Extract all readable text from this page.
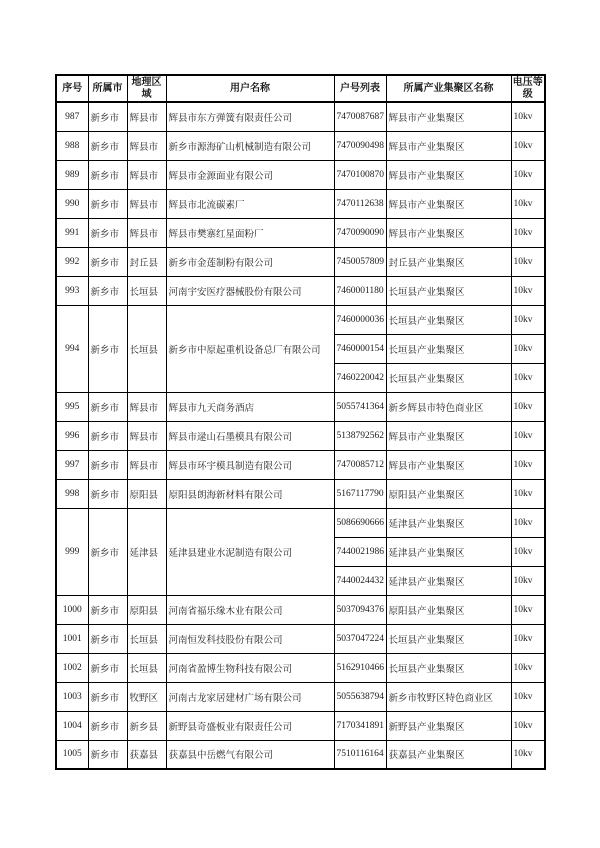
序号	所属市	地理区域	用户名称	户号列表	所属产业集聚区名称	电压等级
987	新乡市	辉县市	辉县市东方弹簧有限责任公司	7470087687	辉县市产业集聚区	10kv
988	新乡市	辉县市	新乡市源海矿山机械制造有限公司	7470090498	辉县市产业集聚区	10kv
989	新乡市	辉县市	辉县市金源面业有限公司	7470100870	辉县市产业集聚区	10kv
990	新乡市	辉县市	辉县市北流碳素厂	7470112638	辉县市产业集聚区	10kv
991	新乡市	辉县市	辉县市樊寨红星面粉厂	7470090090	辉县市产业集聚区	10kv
992	新乡市	封丘县	新乡市金莲制粉有限公司	7450057809	封丘县产业集聚区	10kv
993	新乡市	长垣县	河南宇安医疗器械股份有限公司	7460001180	长垣县产业集聚区	10kv
994	新乡市	长垣县	新乡市中原起重机设备总厂有限公司	7460000036	长垣县产业集聚区	10kv
				7460000154	长垣县产业集聚区	10kv
				7460220042	长垣县产业集聚区	10kv
995	新乡市	辉县市	辉县市九天商务酒店	5055741364	新乡辉县市特色商业区	10kv
996	新乡市	辉县市	辉县市逯山石墨模具有限公司	5138792562	辉县市产业集聚区	10kv
997	新乡市	辉县市	辉县市环宇模具制造有限公司	7470085712	辉县市产业集聚区	10kv
998	新乡市	原阳县	原阳县朗海新材料有限公司	5167117790	原阳县产业集聚区	10kv
999	新乡市	延津县	延津县建业水泥制造有限公司	5086690666	延津县产业集聚区	10kv
				7440021986	延津县产业集聚区	10kv
				7440024432	延津县产业集聚区	10kv
1000	新乡市	原阳县	河南省福乐缘木业有限公司	5037094376	原阳县产业集聚区	10kv
1001	新乡市	长垣县	河南恒发科技股份有限公司	5037047224	长垣县产业集聚区	10kv
1002	新乡市	长垣县	河南省盈博生物科技有限公司	5162910466	长垣县产业集聚区	10kv
1003	新乡市	牧野区	河南古龙家居建材广场有限公司	5055638794	新乡市牧野区特色商业区	10kv
1004	新乡市	新乡县	新野县奇盛板业有限责任公司	7170341891	新野县产业集聚区	10kv
1005	新乡市	获嘉县	获嘉县中岳燃气有限公司	7510116164	获嘉县产业集聚区	10kv
